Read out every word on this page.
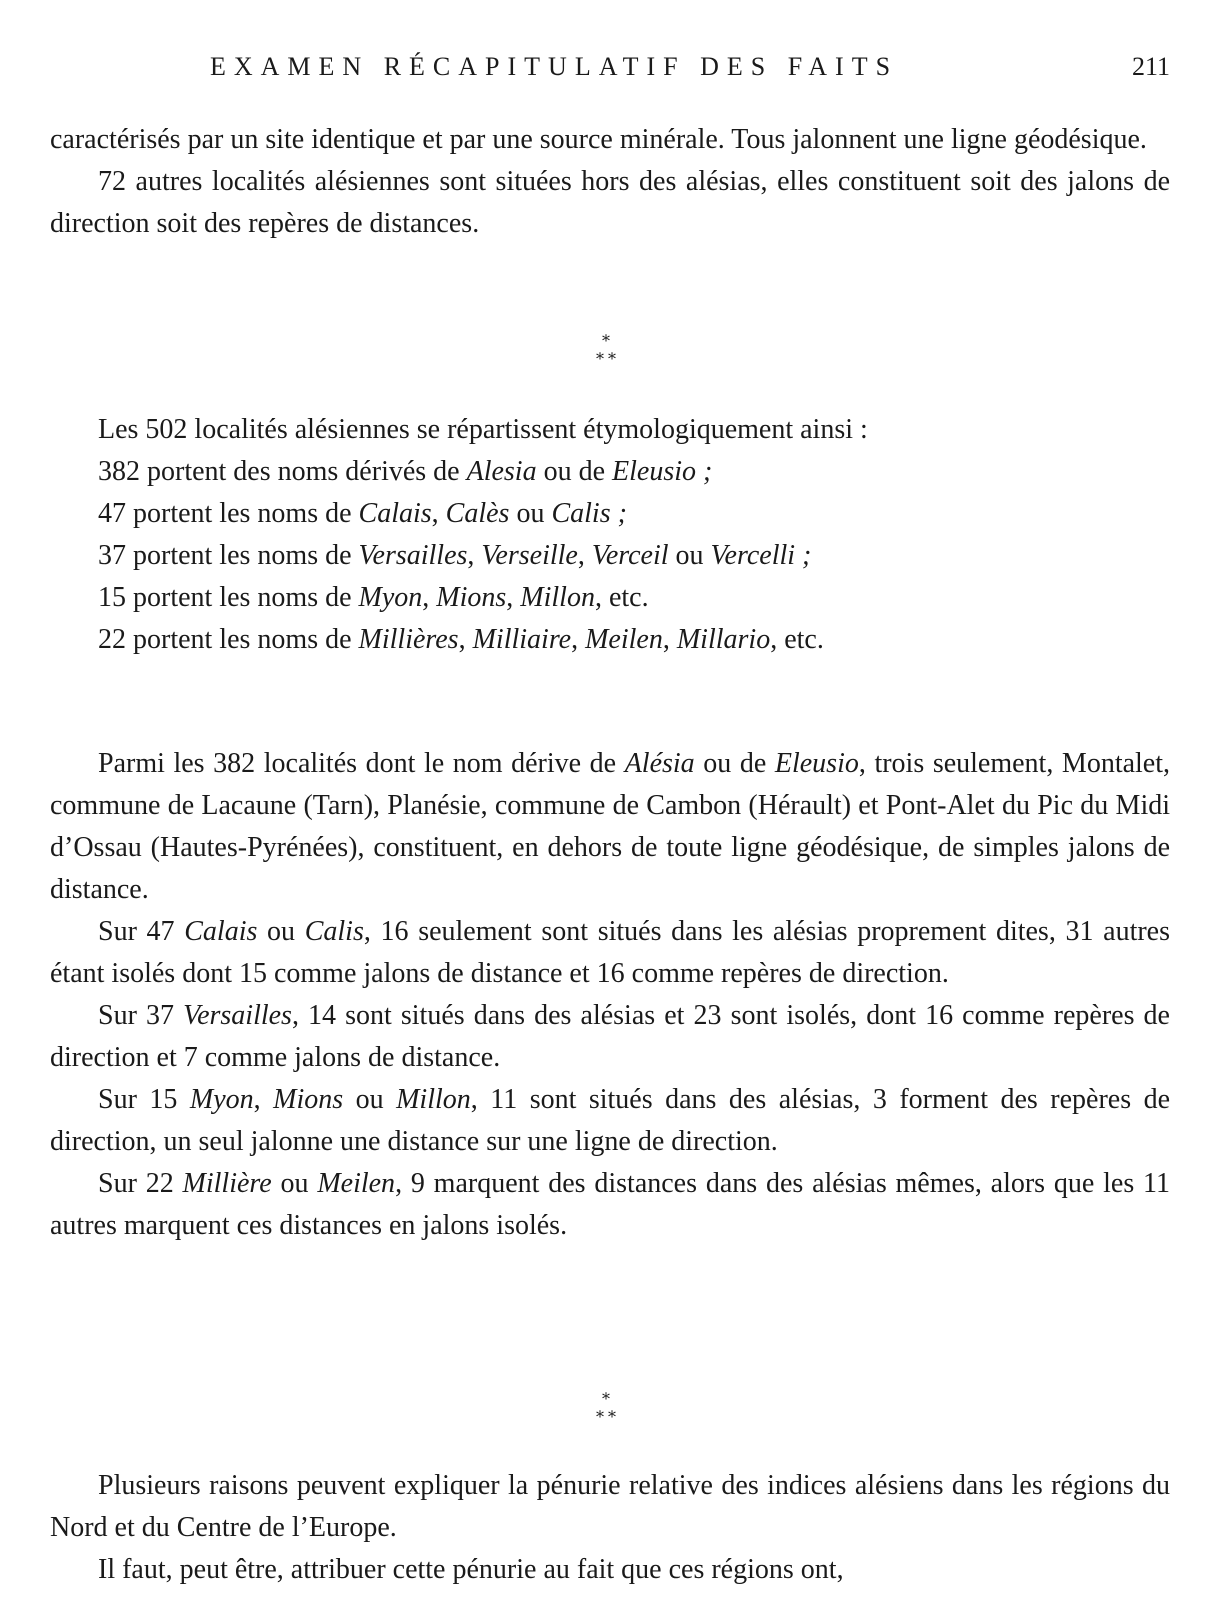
EXAMEN RÉCAPITULATIF DES FAITS	211

caractérisés par un site identique et par une source minérale. Tous jalonnent une ligne géodésique.

72 autres localités alésiennes sont situées hors des alésias, elles constituent soit des jalons de direction soit des repères de distances.

⁎
⁎ ⁎

Les 502 localités alésiennes se répartissent étymologiquement ainsi :

382 portent des noms dérivés de Alesia ou de Eleusio ;

47 portent les noms de Calais, Calès ou Calis ;

37 portent les noms de Versailles, Verseille, Verceil ou Vercelli ;

15 portent les noms de Myon, Mions, Millon, etc.

22 portent les noms de Millières, Milliaire, Meilen, Millario, etc.

Parmi les 382 localités dont le nom dérive de Alésia ou de Eleusio, trois seulement, Montalet, commune de Lacaune (Tarn), Planésie, commune de Cambon (Hérault) et Pont-Alet du Pic du Midi d’Ossau (Hautes-Pyrénées), constituent, en dehors de toute ligne géodésique, de simples jalons de distance.

Sur 47 Calais ou Calis, 16 seulement sont situés dans les alésias proprement dites, 31 autres étant isolés dont 15 comme jalons de distance et 16 comme repères de direction.

Sur 37 Versailles, 14 sont situés dans des alésias et 23 sont isolés, dont 16 comme repères de direction et 7 comme jalons de distance.

Sur 15 Myon, Mions ou Millon, 11 sont situés dans des alésias, 3 forment des repères de direction, un seul jalonne une distance sur une ligne de direction.

Sur 22 Millière ou Meilen, 9 marquent des distances dans des alésias mêmes, alors que les 11 autres marquent ces distances en jalons isolés.

⁎
⁎ ⁎

Plusieurs raisons peuvent expliquer la pénurie relative des indices alésiens dans les régions du Nord et du Centre de l’Europe.

Il faut, peut être, attribuer cette pénurie au fait que ces régions ont,
